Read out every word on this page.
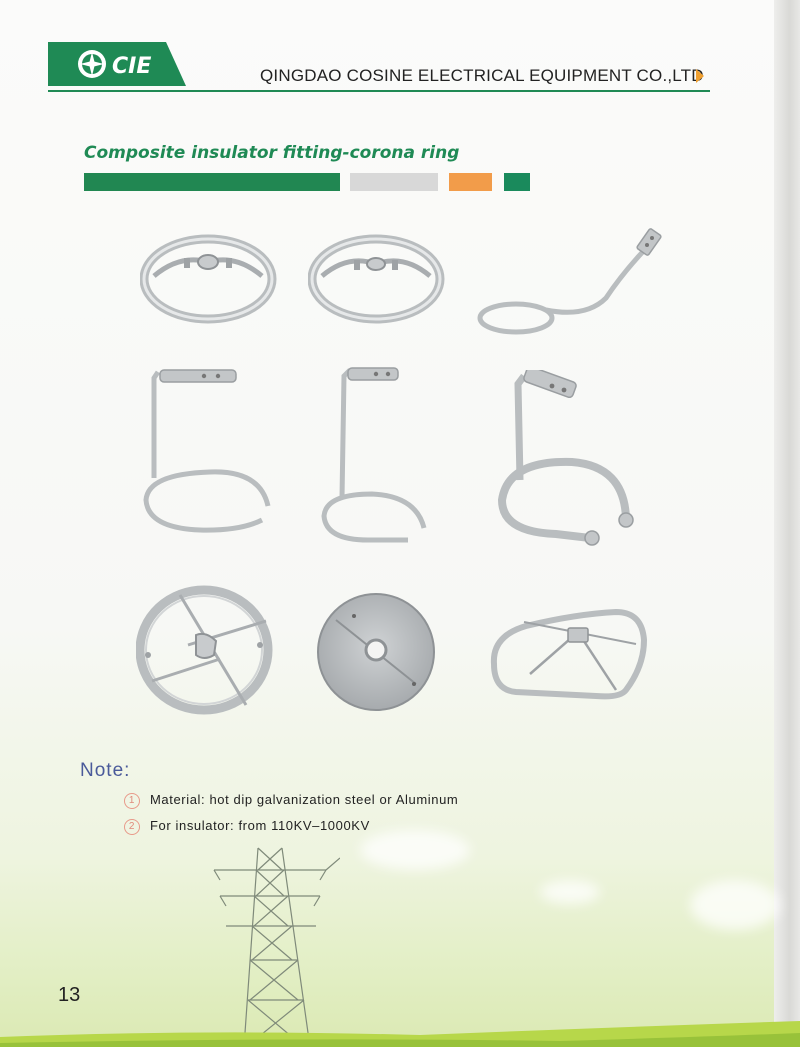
CIE	QINGDAO COSINE ELECTRICAL EQUIPMENT CO.,LTD
Composite insulator fitting-corona ring
Note:
1 Material: hot dip galvanization steel or Aluminum
2 For insulator: from 110KV–1000KV
13
